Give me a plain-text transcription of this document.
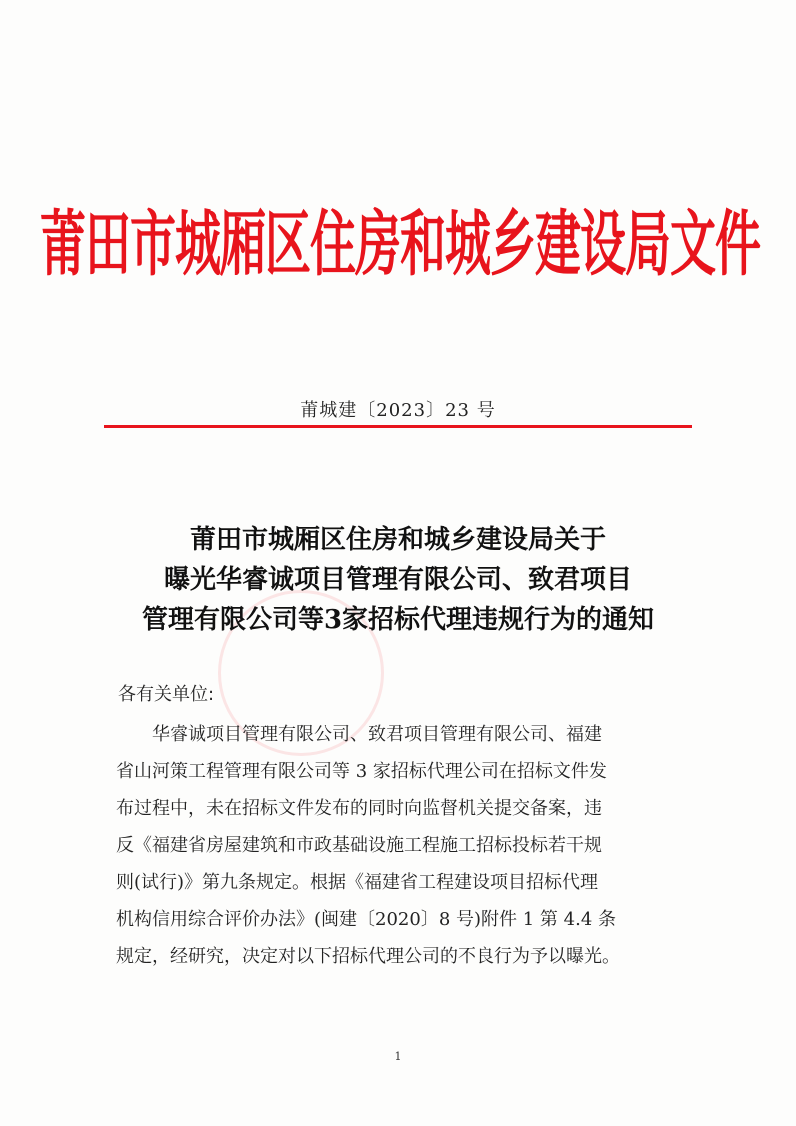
莆田市城厢区住房和城乡建设局文件
莆城建〔2023〕23 号
莆田市城厢区住房和城乡建设局关于
曝光华睿诚项目管理有限公司、致君项目
管理有限公司等3家招标代理违规行为的通知
各有关单位:
华睿诚项目管理有限公司、致君项目管理有限公司、福建
省山河策工程管理有限公司等 3 家招标代理公司在招标文件发
布过程中，未在招标文件发布的同时向监督机关提交备案，违
反《福建省房屋建筑和市政基础设施工程施工招标投标若干规
则(试行)》第九条规定。根据《福建省工程建设项目招标代理
机构信用综合评价办法》(闽建〔2020〕8 号)附件 1 第 4.4 条
规定，经研究，决定对以下招标代理公司的不良行为予以曝光。
1
